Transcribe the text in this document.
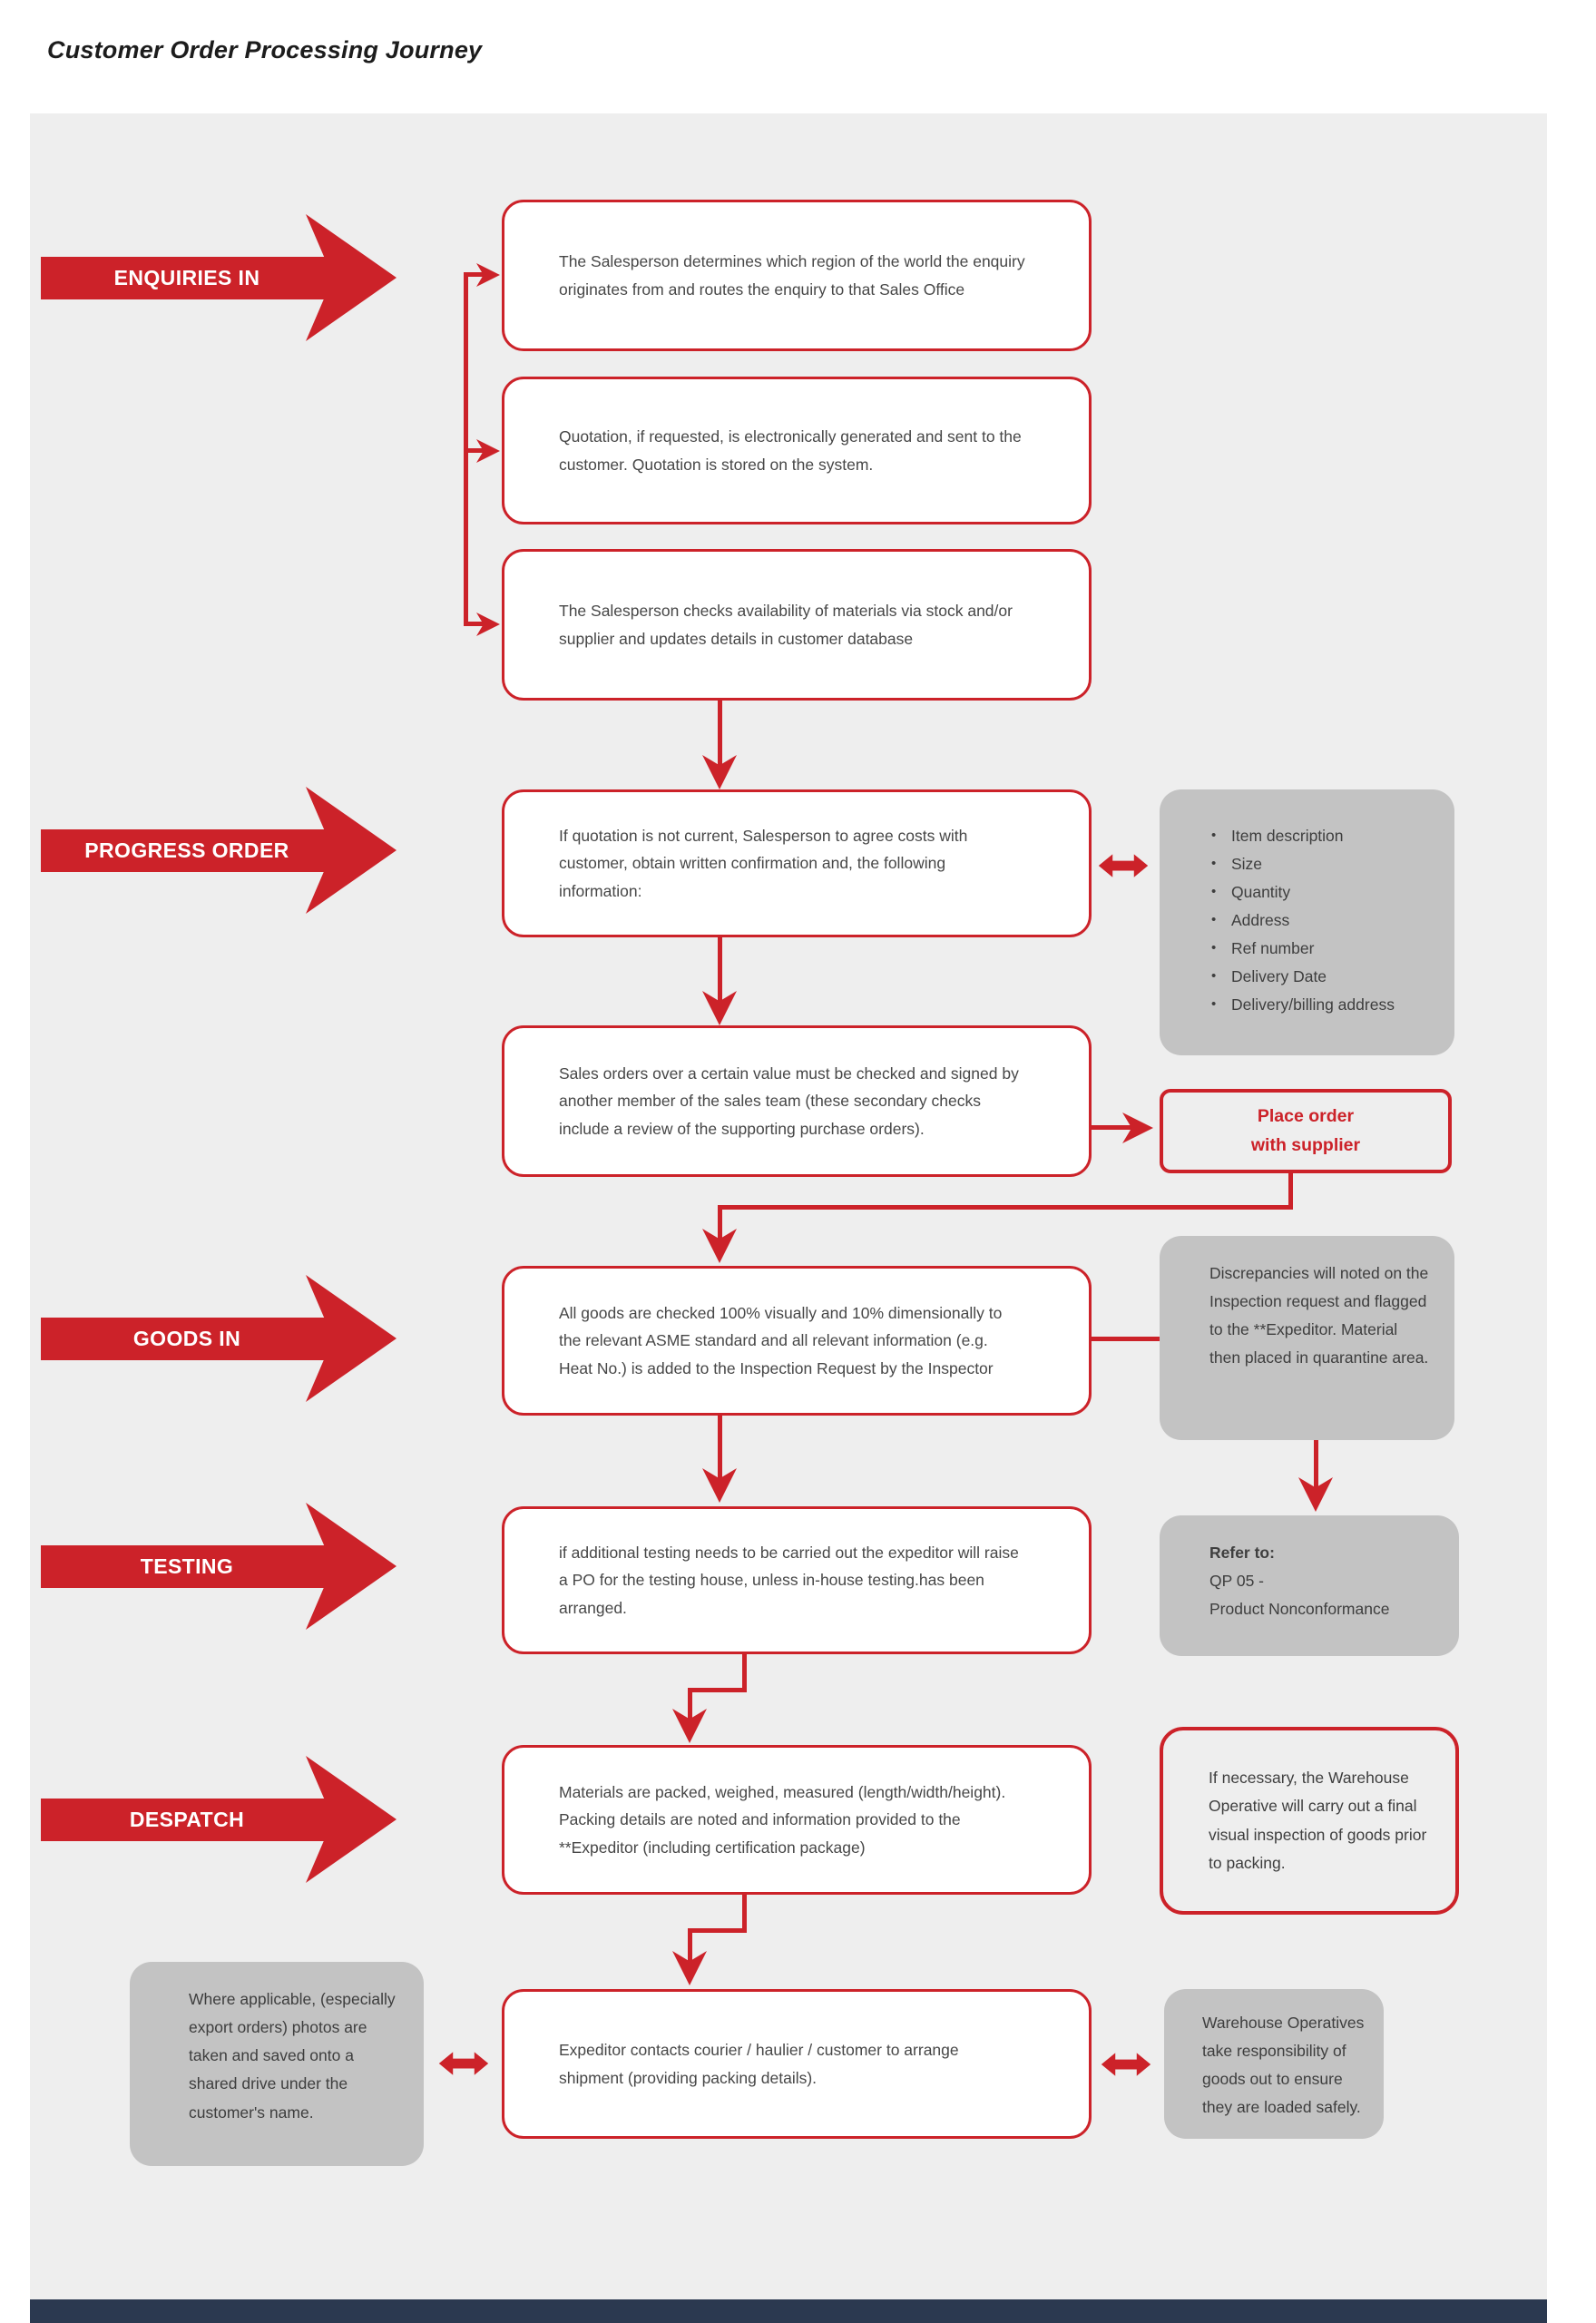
Customer Order Processing Journey
ENQUIRIES IN
PROGRESS ORDER
GOODS IN
TESTING
DESPATCH
The Salesperson determines which region of the world the enquiry originates from and routes the enquiry to that Sales Office
Quotation, if requested, is electronically generated and sent to the customer. Quotation is stored on the system.
The Salesperson checks availability of materials via stock and/or supplier and updates details in customer database
If quotation is not current, Salesperson to agree costs with customer, obtain written confirmation and, the following information:
Sales orders over a certain value must be checked and signed by another member of the sales team (these secondary checks include a review of the supporting purchase orders).
All goods are checked 100% visually and 10% dimensionally to the relevant ASME standard and all relevant information (e.g. Heat No.) is added to the Inspection Request by the Inspector
if additional testing needs to be carried out the expeditor will raise a PO for the testing house, unless in-house testing.has been arranged.
Materials are packed, weighed, measured (length/width/height). Packing details are noted and information provided to the **Expeditor (including certification package)
Expeditor contacts courier / haulier / customer to arrange shipment (providing packing details).
• Item description
• Size
• Quantity
• Address
• Ref number
• Delivery Date
• Delivery/billing address
Place order
with supplier
Discrepancies will noted on the Inspection request and flagged to the **Expeditor. Material then placed in quarantine area.
Refer to:
QP 05 -
Product Nonconformance
If necessary, the Warehouse Operative will carry out a final visual inspection of goods prior to packing.
Warehouse Operatives take responsibility of goods out to ensure they are loaded safely.
Where applicable, (especially export orders) photos are taken and saved onto a shared drive under the customer's name.
